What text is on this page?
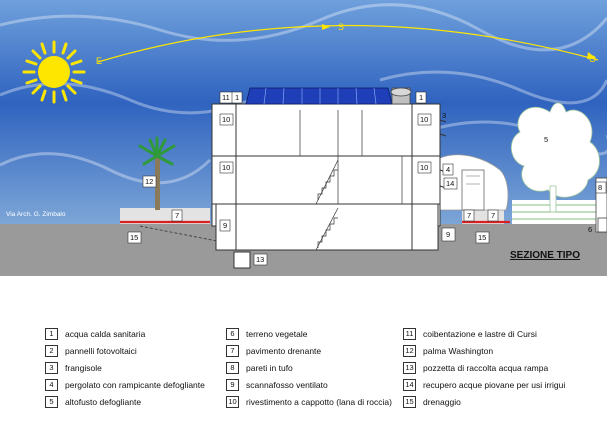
E
S
O
Via Arch. G. Zimbalo
SEZIONE TIPO
11 1	1
3
10	10
10	10
12
4
14
5
8
6
7	7	7
9
9
15	15
13
1	acqua calda sanitaria
2	pannelli fotovoltaici
3	frangisole
4	pergolato con rampicante defogliante
5	altofusto defogliante
6	terreno vegetale
7	pavimento drenante
8	pareti in tufo
9	scannafosso ventilato
10 rivestimento a cappotto (lana di roccia)
11	coibentazione e lastre di Cursi
12 palma Washington
13 pozzetta di raccolta acqua rampa
14 recupero acque piovane per usi irrigui
15 drenaggio
